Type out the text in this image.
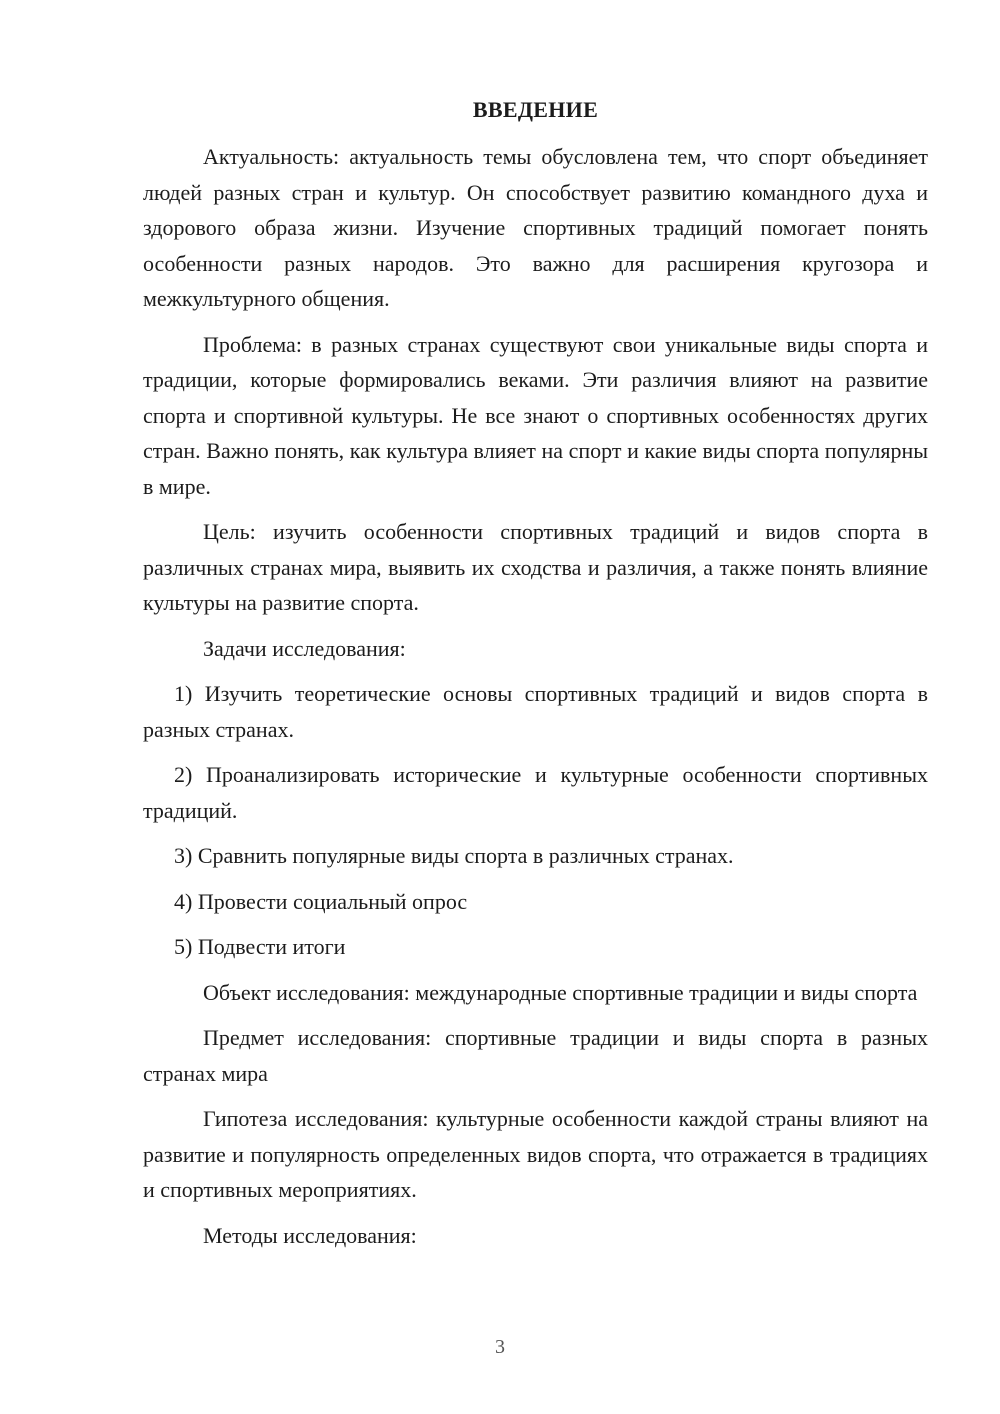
ВВЕДЕНИЕ

Актуальность: актуальность темы обусловлена тем, что спорт объединяет людей разных стран и культур. Он способствует развитию командного духа и здорового образа жизни. Изучение спортивных традиций помогает понять особенности разных народов. Это важно для расширения кругозора и межкультурного общения.

Проблема: в разных странах существуют свои уникальные виды спорта и традиции, которые формировались веками. Эти различия влияют на развитие спорта и спортивной культуры. Не все знают о спортивных особенностях других стран. Важно понять, как культура влияет на спорт и какие виды спорта популярны в мире.

Цель: изучить особенности спортивных традиций и видов спорта в различных странах мира, выявить их сходства и различия, а также понять влияние культуры на развитие спорта.

Задачи исследования:

1) Изучить теоретические основы спортивных традиций и видов спорта в разных странах.

2) Проанализировать исторические и культурные особенности спортивных традиций.

3) Сравнить популярные виды спорта в различных странах.

4) Провести социальный опрос

5) Подвести итоги

Объект исследования: международные спортивные традиции и виды спорта

Предмет исследования: спортивные традиции и виды спорта в разных странах мира

Гипотеза исследования: культурные особенности каждой страны влияют на развитие и популярность определенных видов спорта, что отражается в традициях и спортивных мероприятиях.

Методы исследования:

3
